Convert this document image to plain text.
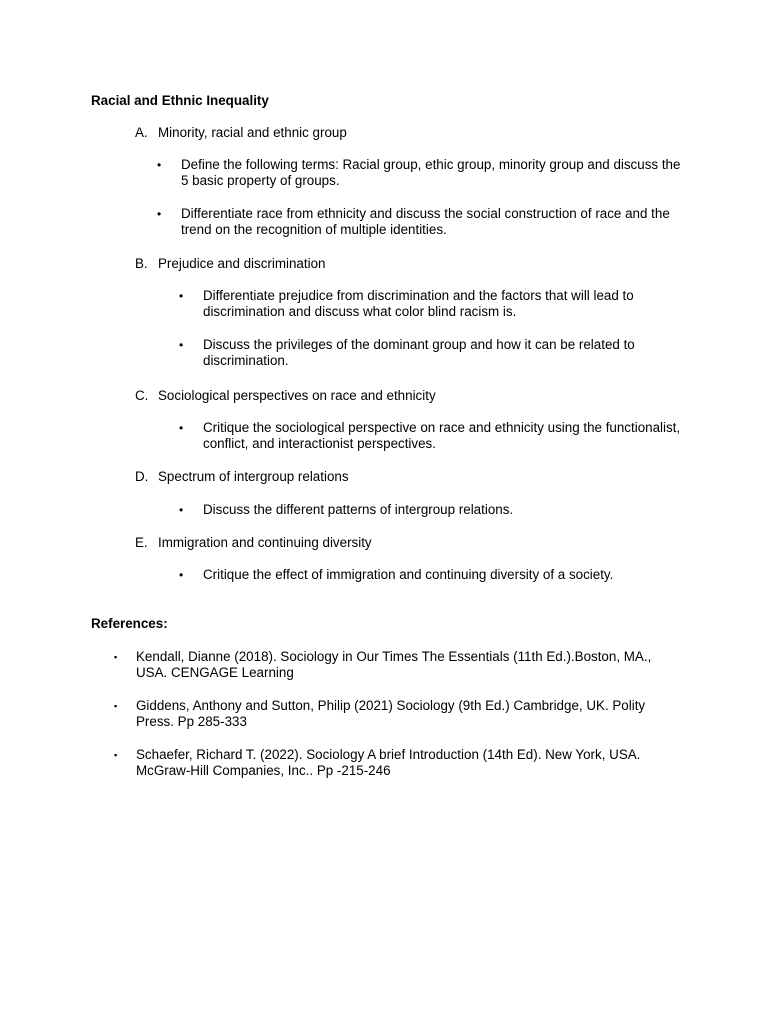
Racial and Ethnic Inequality
A. Minority, racial and ethnic group
•	Define the following terms: Racial group, ethic group, minority group and discuss the 5 basic property of groups.
•	Differentiate race from ethnicity and discuss the social construction of race and the trend on the recognition of multiple identities.
B. Prejudice and discrimination
•	Differentiate prejudice from discrimination and the factors that will lead to discrimination and discuss what color blind racism is.
•	Discuss the privileges of the dominant group and how it can be related to discrimination.
C. Sociological perspectives on race and ethnicity
•	Critique the sociological perspective on race and ethnicity using the functionalist, conflict, and interactionist perspectives.
D. Spectrum of intergroup relations
•	Discuss the different patterns of intergroup relations.
E. Immigration and continuing diversity
•	Critique the effect of immigration and continuing diversity of a society.
References:
▪	Kendall, Dianne (2018). Sociology in Our Times The Essentials (11th Ed.).Boston, MA., USA. CENGAGE Learning
▪	Giddens, Anthony and Sutton, Philip (2021) Sociology (9th Ed.) Cambridge, UK. Polity Press. Pp 285-333
▪	Schaefer, Richard T. (2022). Sociology A brief Introduction (14th Ed). New York, USA. McGraw-Hill Companies, Inc.. Pp -215-246
